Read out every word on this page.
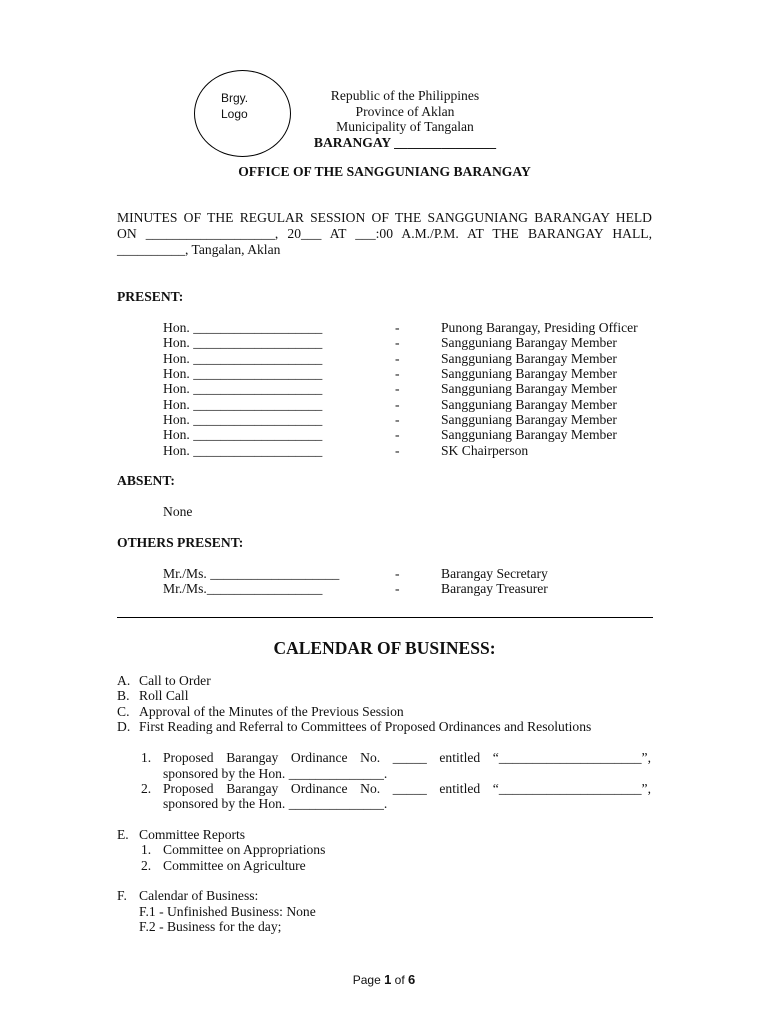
Brgy.
Logo
Republic of the Philippines
Province of Aklan
Municipality of Tangalan
BARANGAY _______________
OFFICE OF THE SANGGUNIANG BARANGAY
MINUTES OF THE REGULAR SESSION OF THE SANGGUNIANG BARANGAY HELD
ON ___________________, 20___ AT ___:00 A.M./P.M. AT THE BARANGAY HALL,
__________, Tangalan, Aklan
PRESENT:
Hon. ___________________	-	Punong Barangay, Presiding Officer
Hon. ___________________	-	Sangguniang Barangay Member
Hon. ___________________	-	Sangguniang Barangay Member
Hon. ___________________	-	Sangguniang Barangay Member
Hon. ___________________	-	Sangguniang Barangay Member
Hon. ___________________	-	Sangguniang Barangay Member
Hon. ___________________	-	Sangguniang Barangay Member
Hon. ___________________	-	Sangguniang Barangay Member
Hon. ___________________	-	SK Chairperson
ABSENT:
None
OTHERS PRESENT:
Mr./Ms. ___________________	-	Barangay Secretary
Mr./Ms._________________	-	Barangay Treasurer
CALENDAR OF BUSINESS:
A. Call to Order
B. Roll Call
C. Approval of the Minutes of the Previous Session
D. First Reading and Referral to Committees of Proposed Ordinances and Resolutions
1. Proposed Barangay Ordinance No. _____ entitled “_____________________”,
sponsored by the Hon. ______________.
2. Proposed Barangay Ordinance No. _____ entitled “_____________________”,
sponsored by the Hon. ______________.
E. Committee Reports
1. Committee on Appropriations
2. Committee on Agriculture
F. Calendar of Business:
F.1 - Unfinished Business: None
F.2 - Business for the day;
Page 1 of 6
